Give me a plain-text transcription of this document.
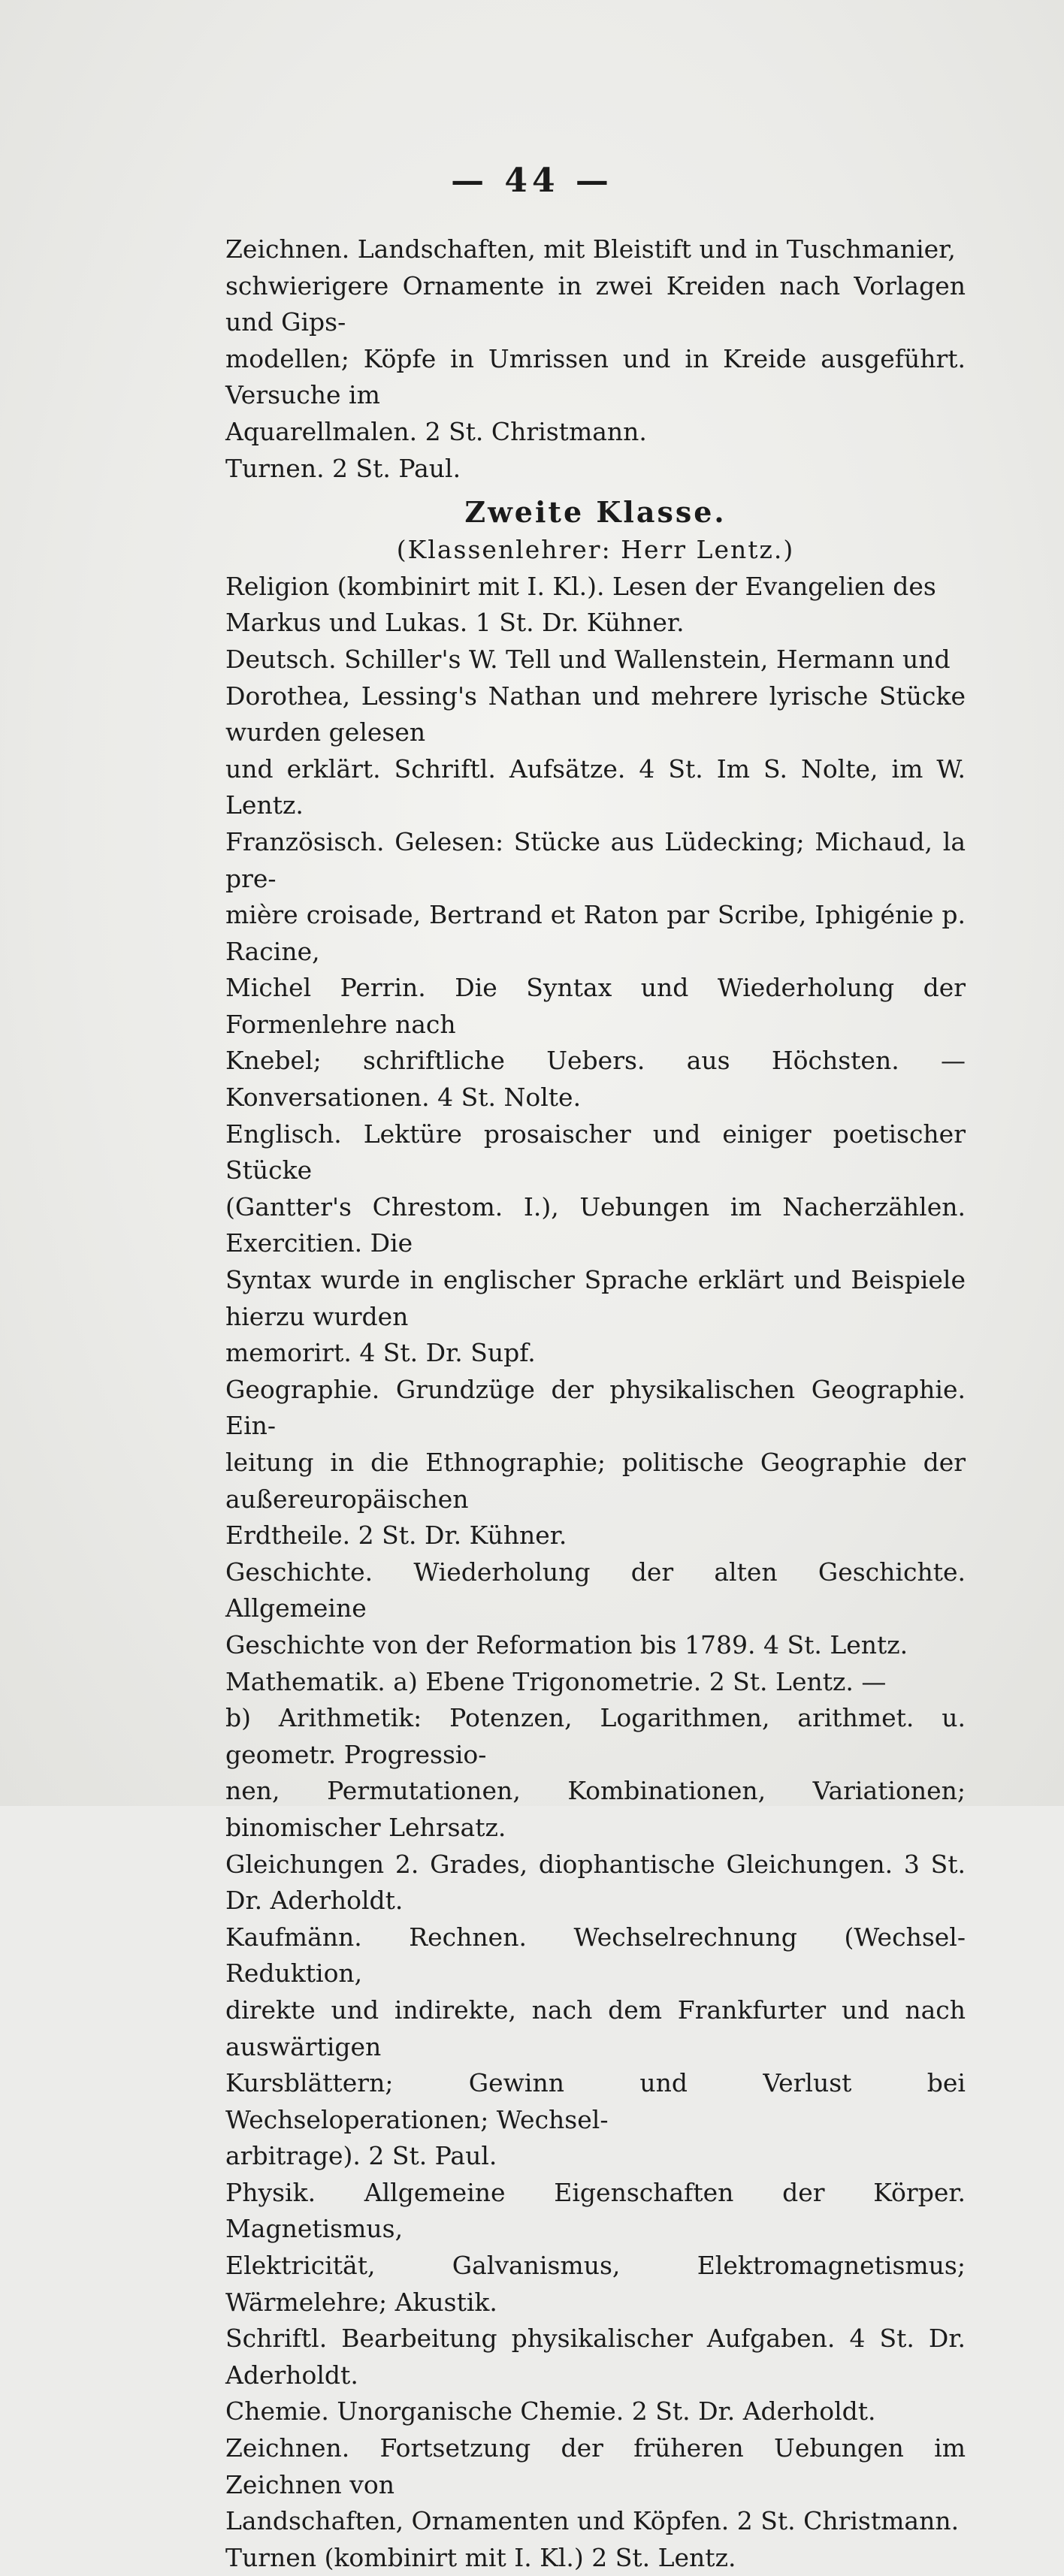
— 44 —

Zeichnen. Landschaften, mit Bleistift und in Tuschmanier,

schwierigere Ornamente in zwei Kreiden nach Vorlagen und Gips-

modellen; Köpfe in Umrissen und in Kreide ausgeführt. Versuche im

Aquarellmalen. 2 St. Christmann.

Turnen. 2 St. Paul.

Zweite Klasse.

(Klassenlehrer: Herr Lentz.)

Religion (kombinirt mit I. Kl.). Lesen der Evangelien des

Markus und Lukas. 1 St. Dr. Kühner.

Deutsch. Schiller's W. Tell und Wallenstein, Hermann und

Dorothea, Lessing's Nathan und mehrere lyrische Stücke wurden gelesen

und erklärt. Schriftl. Aufsätze. 4 St. Im S. Nolte, im W. Lentz.

Französisch. Gelesen: Stücke aus Lüdecking; Michaud, la pre-

mière croisade, Bertrand et Raton par Scribe, Iphigénie p. Racine,

Michel Perrin. Die Syntax und Wiederholung der Formenlehre nach

Knebel; schriftliche Uebers. aus Höchsten. — Konversationen. 4 St. Nolte.

Englisch. Lektüre prosaischer und einiger poetischer Stücke

(Gantter's Chrestom. I.), Uebungen im Nacherzählen. Exercitien. Die

Syntax wurde in englischer Sprache erklärt und Beispiele hierzu wurden

memorirt. 4 St. Dr. Supf.

Geographie. Grundzüge der physikalischen Geographie. Ein-

leitung in die Ethnographie; politische Geographie der außereuropäischen

Erdtheile. 2 St. Dr. Kühner.

Geschichte. Wiederholung der alten Geschichte. Allgemeine

Geschichte von der Reformation bis 1789. 4 St. Lentz.

Mathematik. a) Ebene Trigonometrie. 2 St. Lentz. —

b) Arithmetik: Potenzen, Logarithmen, arithmet. u. geometr. Progressio-

nen, Permutationen, Kombinationen, Variationen; binomischer Lehrsatz.

Gleichungen 2. Grades, diophantische Gleichungen. 3 St. Dr. Aderholdt.

Kaufmänn. Rechnen. Wechselrechnung (Wechsel-Reduktion,

direkte und indirekte, nach dem Frankfurter und nach auswärtigen

Kursblättern; Gewinn und Verlust bei Wechseloperationen; Wechsel-

arbitrage). 2 St. Paul.

Physik. Allgemeine Eigenschaften der Körper. Magnetismus,

Elektricität, Galvanismus, Elektromagnetismus; Wärmelehre; Akustik.

Schriftl. Bearbeitung physikalischer Aufgaben. 4 St. Dr. Aderholdt.

Chemie. Unorganische Chemie. 2 St. Dr. Aderholdt.

Zeichnen. Fortsetzung der früheren Uebungen im Zeichnen von

Landschaften, Ornamenten und Köpfen. 2 St. Christmann.

Turnen (kombinirt mit I. Kl.) 2 St. Lentz.
